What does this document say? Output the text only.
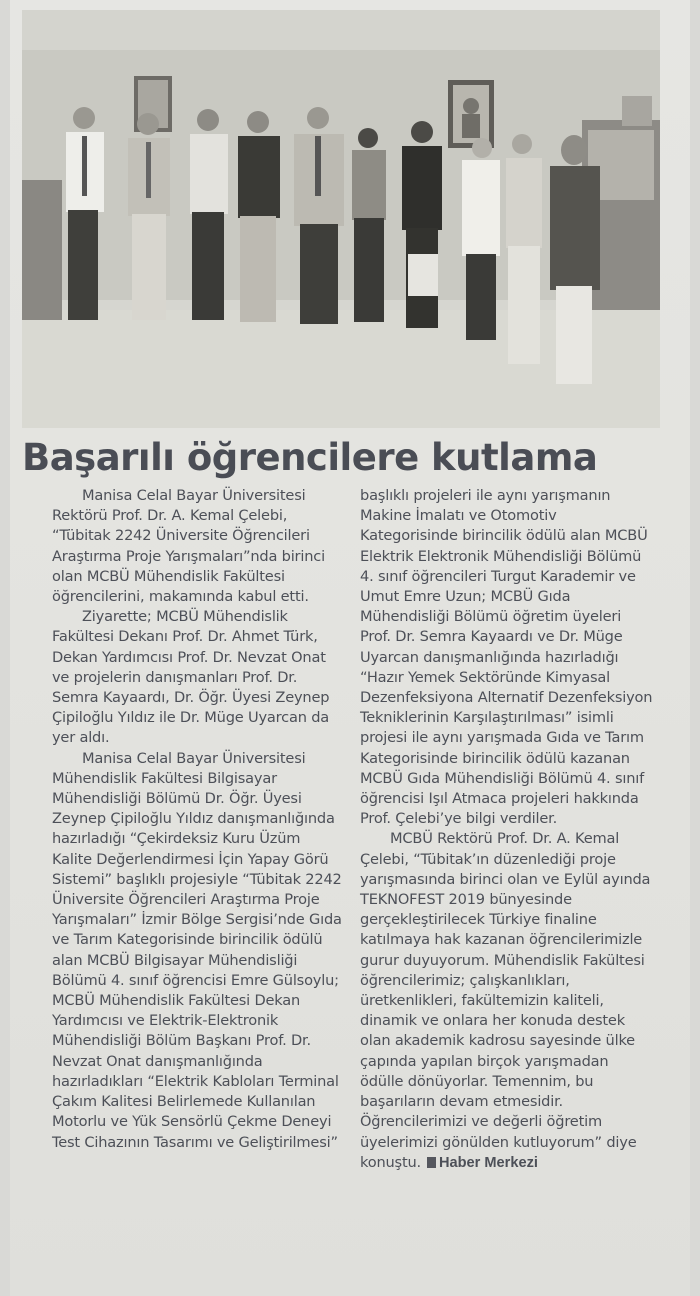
Başarılı öğrencilere kutlama

Manisa Celal Bayar Üniversitesi Rektörü Prof. Dr. A. Kemal Çelebi, “Tübitak 2242 Üniversite Öğrencileri Araştırma Proje Yarışmaları”nda birinci olan MCBÜ Mühendislik Fakültesi öğrencilerini, makamında kabul etti.

Ziyarette; MCBÜ Mühendislik Fakültesi Dekanı Prof. Dr. Ahmet Türk, Dekan Yardımcısı Prof. Dr. Nevzat Onat ve projelerin danışmanları Prof. Dr. Semra Kayaardı, Dr. Öğr. Üyesi Zeynep Çipiloğlu Yıldız ile Dr. Müge Uyarcan da yer aldı.

Manisa Celal Bayar Üniversitesi Mühendislik Fakültesi Bilgisayar Mühendisliği Bölümü Dr. Öğr. Üyesi Zeynep Çipiloğlu Yıldız danışmanlığında hazırladığı “Çekirdeksiz Kuru Üzüm Kalite Değerlendirmesi İçin Yapay Görü Sistemi” başlıklı projesiyle “Tübitak 2242 Üniversite Öğrencileri Araştırma Proje Yarışmaları” İzmir Bölge Sergisi’nde Gıda ve Tarım Kategorisinde birincilik ödülü alan MCBÜ Bilgisayar Mühendisliği Bölümü 4. sınıf öğrencisi Emre Gülsoylu; MCBÜ Mühendislik Fakültesi Dekan Yardımcısı ve Elektrik-Elektronik Mühendisliği Bölüm Başkanı Prof. Dr. Nevzat Onat danışmanlığında hazırladıkları “Elektrik Kabloları Terminal Çakım Kalitesi Belirlemede Kullanılan Motorlu ve Yük Sensörlü Çekme Deneyi Test Cihazının Tasarımı ve Geliştirilmesi”

başlıklı projeleri ile aynı yarışmanın Makine İmalatı ve Otomotiv Kategorisinde birincilik ödülü alan MCBÜ Elektrik Elektronik Mühendisliği Bölümü 4. sınıf öğrencileri Turgut Karademir ve Umut Emre Uzun; MCBÜ Gıda Mühendisliği Bölümü öğretim üyeleri Prof. Dr. Semra Kayaardı ve Dr. Müge Uyarcan danışmanlığında hazırladığı “Hazır Yemek Sektöründe Kimyasal Dezenfeksiyona Alternatif Dezenfeksiyon Tekniklerinin Karşılaştırılması” isimli projesi ile aynı yarışmada Gıda ve Tarım Kategorisinde birincilik ödülü kazanan MCBÜ Gıda Mühendisliği Bölümü 4. sınıf öğrencisi Işıl Atmaca projeleri hakkında Prof. Çelebi’ye bilgi verdiler.

MCBÜ Rektörü Prof. Dr. A. Kemal Çelebi, “Tübitak’ın düzenlediği proje yarışmasında birinci olan ve Eylül ayında TEKNOFEST 2019 bünyesinde gerçekleştirilecek Türkiye finaline katılmaya hak kazanan öğrencilerimizle gurur duyuyorum. Mühendislik Fakültesi öğrencilerimiz; çalışkanlıkları, üretkenlikleri, fakültemizin kaliteli, dinamik ve onlara her konuda destek olan akademik kadrosu sayesinde ülke çapında yapılan birçok yarışmadan ödülle dönüyorlar. Temennim, bu başarıların devam etmesidir. Öğrencilerimizi ve değerli öğretim üyelerimizi gönülden kutluyorum” diye konuştu. Haber Merkezi
